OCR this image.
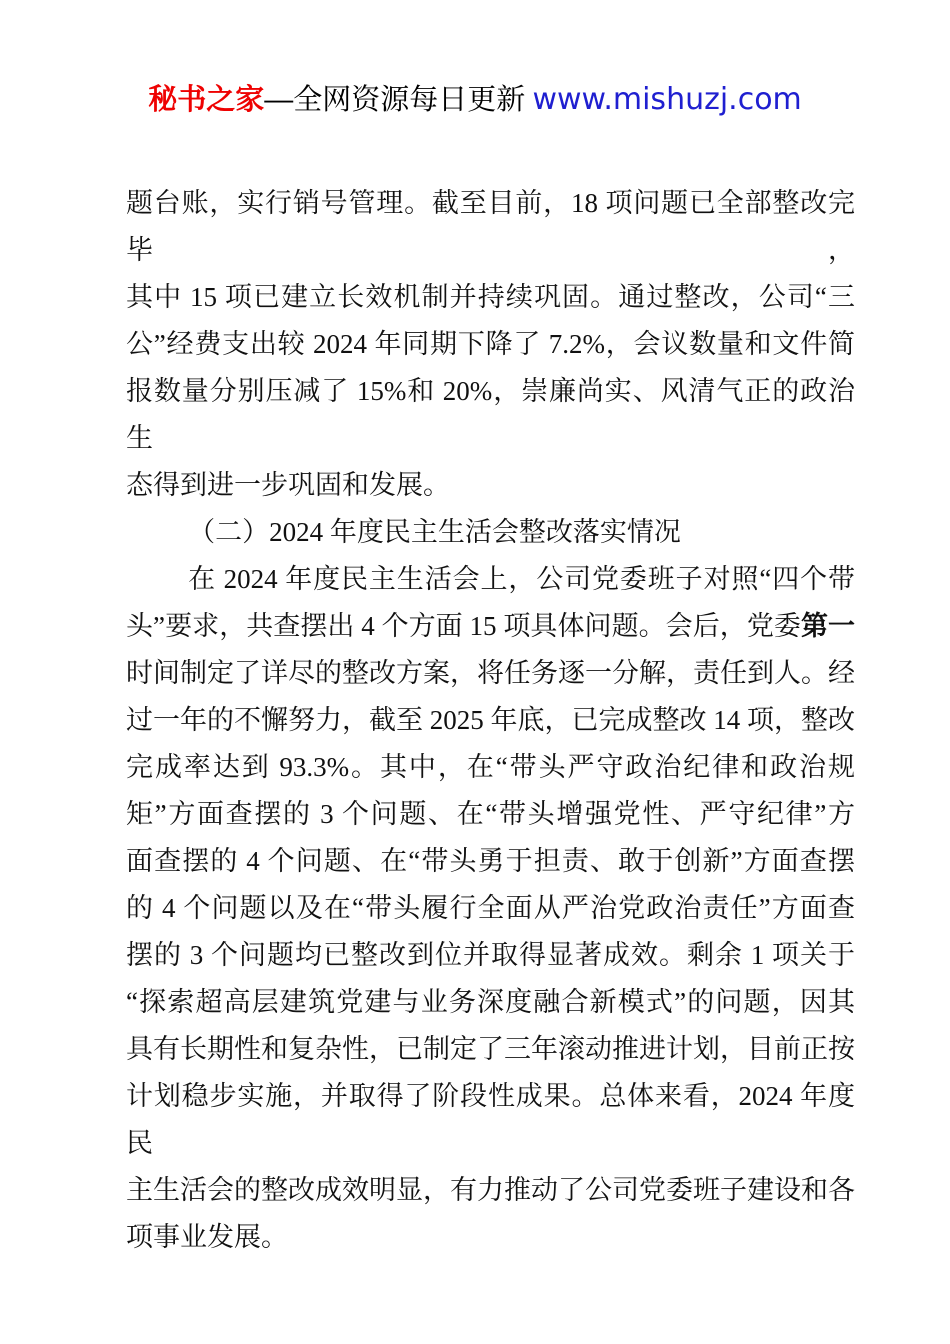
秘书之家—全网资源每日更新 www.mishuzj.com
题台账，实行销号管理。截至目前，18 项问题已全部整改完毕，
其中 15 项已建立长效机制并持续巩固。通过整改，公司“三
公”经费支出较 2024 年同期下降了 7.2%，会议数量和文件简
报数量分别压减了 15%和 20%，崇廉尚实、风清气正的政治生
态得到进一步巩固和发展。
（二）2024 年度民主生活会整改落实情况
在 2024 年度民主生活会上，公司党委班子对照“四个带
头”要求，共查摆出 4 个方面 15 项具体问题。会后，党委第一
时间制定了详尽的整改方案，将任务逐一分解，责任到人。经
过一年的不懈努力，截至 2025 年底，已完成整改 14 项，整改
完成率达到 93.3%。其中，在“带头严守政治纪律和政治规
矩”方面查摆的 3 个问题、在“带头增强党性、严守纪律”方
面查摆的 4 个问题、在“带头勇于担责、敢于创新”方面查摆
的 4 个问题以及在“带头履行全面从严治党政治责任”方面查
摆的 3 个问题均已整改到位并取得显著成效。剩余 1 项关于
“探索超高层建筑党建与业务深度融合新模式”的问题，因其
具有长期性和复杂性，已制定了三年滚动推进计划，目前正按
计划稳步实施，并取得了阶段性成果。总体来看，2024 年度民
主生活会的整改成效明显，有力推动了公司党委班子建设和各
项事业发展。
